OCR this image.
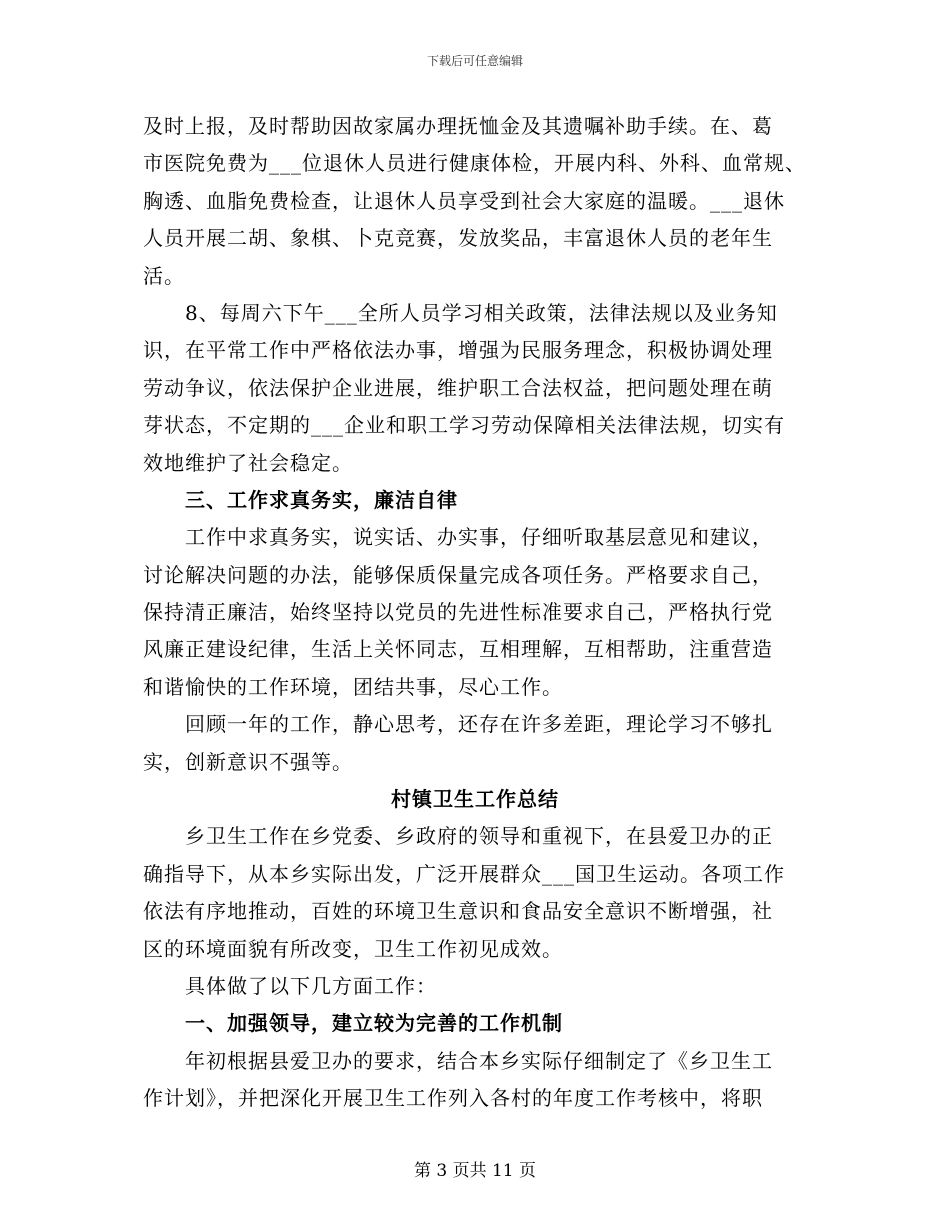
下载后可任意编辑
及时上报，及时帮助因故家属办理抚恤金及其遗嘱补助手续。在、葛
市医院免费为___位退休人员进行健康体检，开展内科、外科、血常规、
胸透、血脂免费检查，让退休人员享受到社会大家庭的温暖。___退休
人员开展二胡、象棋、卜克竞赛，发放奖品，丰富退休人员的老年生
活。
8、每周六下午___全所人员学习相关政策，法律法规以及业务知
识，在平常工作中严格依法办事，增强为民服务理念，积极协调处理
劳动争议，依法保护企业进展，维护职工合法权益，把问题处理在萌
芽状态，不定期的___企业和职工学习劳动保障相关法律法规，切实有
效地维护了社会稳定。
三、工作求真务实，廉洁自律
工作中求真务实，说实话、办实事，仔细听取基层意见和建议，
讨论解决问题的办法，能够保质保量完成各项任务。严格要求自己，
保持清正廉洁，始终坚持以党员的先进性标准要求自己，严格执行党
风廉正建设纪律，生活上关怀同志，互相理解，互相帮助，注重营造
和谐愉快的工作环境，团结共事，尽心工作。
回顾一年的工作，静心思考，还存在许多差距，理论学习不够扎
实，创新意识不强等。
村镇卫生工作总结
乡卫生工作在乡党委、乡政府的领导和重视下，在县爱卫办的正
确指导下，从本乡实际出发，广泛开展群众___国卫生运动。各项工作
依法有序地推动，百姓的环境卫生意识和食品安全意识不断增强，社
区的环境面貌有所改变，卫生工作初见成效。
具体做了以下几方面工作：
一、加强领导，建立较为完善的工作机制
年初根据县爱卫办的要求，结合本乡实际仔细制定了《乡卫生工
作计划》，并把深化开展卫生工作列入各村的年度工作考核中，将职
第 3 页共 11 页
